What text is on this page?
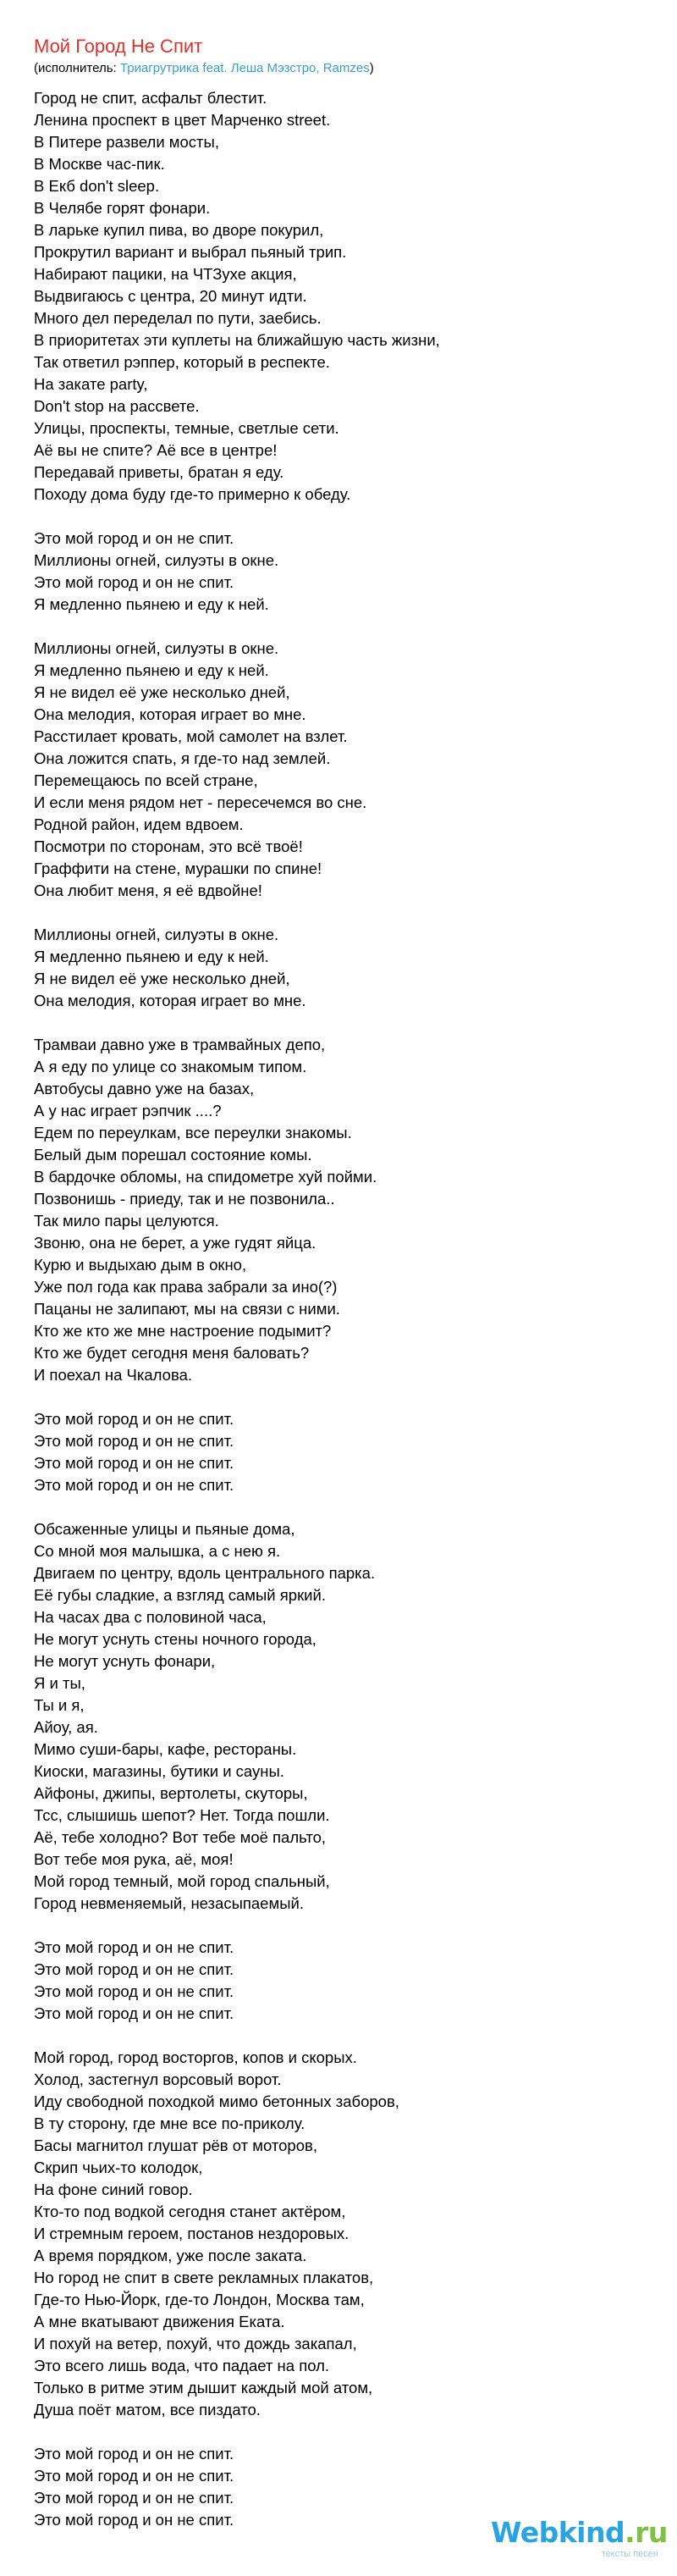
Мой Город Не Спит
(исполнитель: Триагрутрика feat. Леша Мэзстро, Ramzes)
Город не спит, асфальт блестит.
Ленина проспект в цвет Марченко street.
В Питере развели мосты,
В Москве час-пик.
В Екб don't sleep.
В Челябе горят фонари.
В ларьке купил пива, во дворе покурил,
Прокрутил вариант и выбрал пьяный трип.
Набирают пацики, на ЧТЗухе акция,
Выдвигаюсь с центра, 20 минут идти.
Много дел переделал по пути, заебись.
В приоритетах эти куплеты на ближайшую часть жизни,
Так ответил рэппер, который в респекте.
На закате party,
Don't stop на рассвете.
Улицы, проспекты, темные, светлые сети.
Аё вы не спите? Аё все в центре!
Передавай приветы, братан я еду.
Походу дома буду где-то примерно к обеду.
Это мой город и он не спит.
Миллионы огней, силуэты в окне.
Это мой город и он не спит.
Я медленно пьянею и еду к ней.
Миллионы огней, силуэты в окне.
Я медленно пьянею и еду к ней.
Я не видел её уже несколько дней,
Она мелодия, которая играет во мне.
Расстилает кровать, мой самолет на взлет.
Она ложится спать, я где-то над землей.
Перемещаюсь по всей стране,
И если меня рядом нет - пересечемся во сне.
Родной район, идем вдвоем.
Посмотри по сторонам, это всё твоё!
Граффити на стене, мурашки по спине!
Она любит меня, я её вдвойне!
Миллионы огней, силуэты в окне.
Я медленно пьянею и еду к ней.
Я не видел её уже несколько дней,
Она мелодия, которая играет во мне.
Трамваи давно уже в трамвайных депо,
А я еду по улице со знакомым типом.
Автобусы давно уже на базах,
А у нас играет рэпчик ....?
Едем по переулкам, все переулки знакомы.
Белый дым порешал состояние комы.
В бардочке обломы, на спидометре хуй пойми.
Позвонишь - приеду, так и не позвонила..
Так мило пары целуются.
Звоню, она не берет, а уже гудят яйца.
Курю и выдыхаю дым в окно,
Уже пол года как права забрали за ино(?)
Пацаны не залипают, мы на связи с ними.
Кто же кто же мне настроение подымит?
Кто же будет сегодня меня баловать?
И поехал на Чкалова.
Это мой город и он не спит.
Это мой город и он не спит.
Это мой город и он не спит.
Это мой город и он не спит.
Обсаженные улицы и пьяные дома,
Со мной моя малышка, а с нею я.
Двигаем по центру, вдоль центрального парка.
Её губы сладкие, а взгляд самый яркий.
На часах два с половиной часа,
Не могут уснуть стены ночного города,
Не могут уснуть фонари,
Я и ты,
Ты и я,
Айоу, ая.
Мимо суши-бары, кафе, рестораны.
Киоски, магазины, бутики и сауны.
Айфоны, джипы, вертолеты, скуторы,
Тсс, слышишь шепот? Нет. Тогда пошли.
Аё, тебе холодно? Вот тебе моё пальто,
Вот тебе моя рука, аё, моя!
Мой город темный, мой город спальный,
Город невменяемый, незасыпаемый.
Это мой город и он не спит.
Это мой город и он не спит.
Это мой город и он не спит.
Это мой город и он не спит.
Мой город, город восторгов, копов и скорых.
Холод, застегнул ворсовый ворот.
Иду свободной походкой мимо бетонных заборов,
В ту сторону, где мне все по-приколу.
Басы магнитол глушат рёв от моторов,
Скрип чьих-то колодок,
На фоне синий говор.
Кто-то под водкой сегодня станет актёром,
И стремным героем, постанов нездоровых.
А время порядком, уже после заката.
Но город не спит в свете рекламных плакатов,
Где-то Нью-Йорк, где-то Лондон, Москва там,
А мне вкатывают движения Еката.
И похуй на ветер, похуй, что дождь закапал,
Это всего лишь вода, что падает на пол.
Только в ритме этим дышит каждый мой атом,
Душа поёт матом, все пиздато.
Это мой город и он не спит.
Это мой город и он не спит.
Это мой город и он не спит.
Это мой город и он не спит.	Webkind.ru
тексты песен
